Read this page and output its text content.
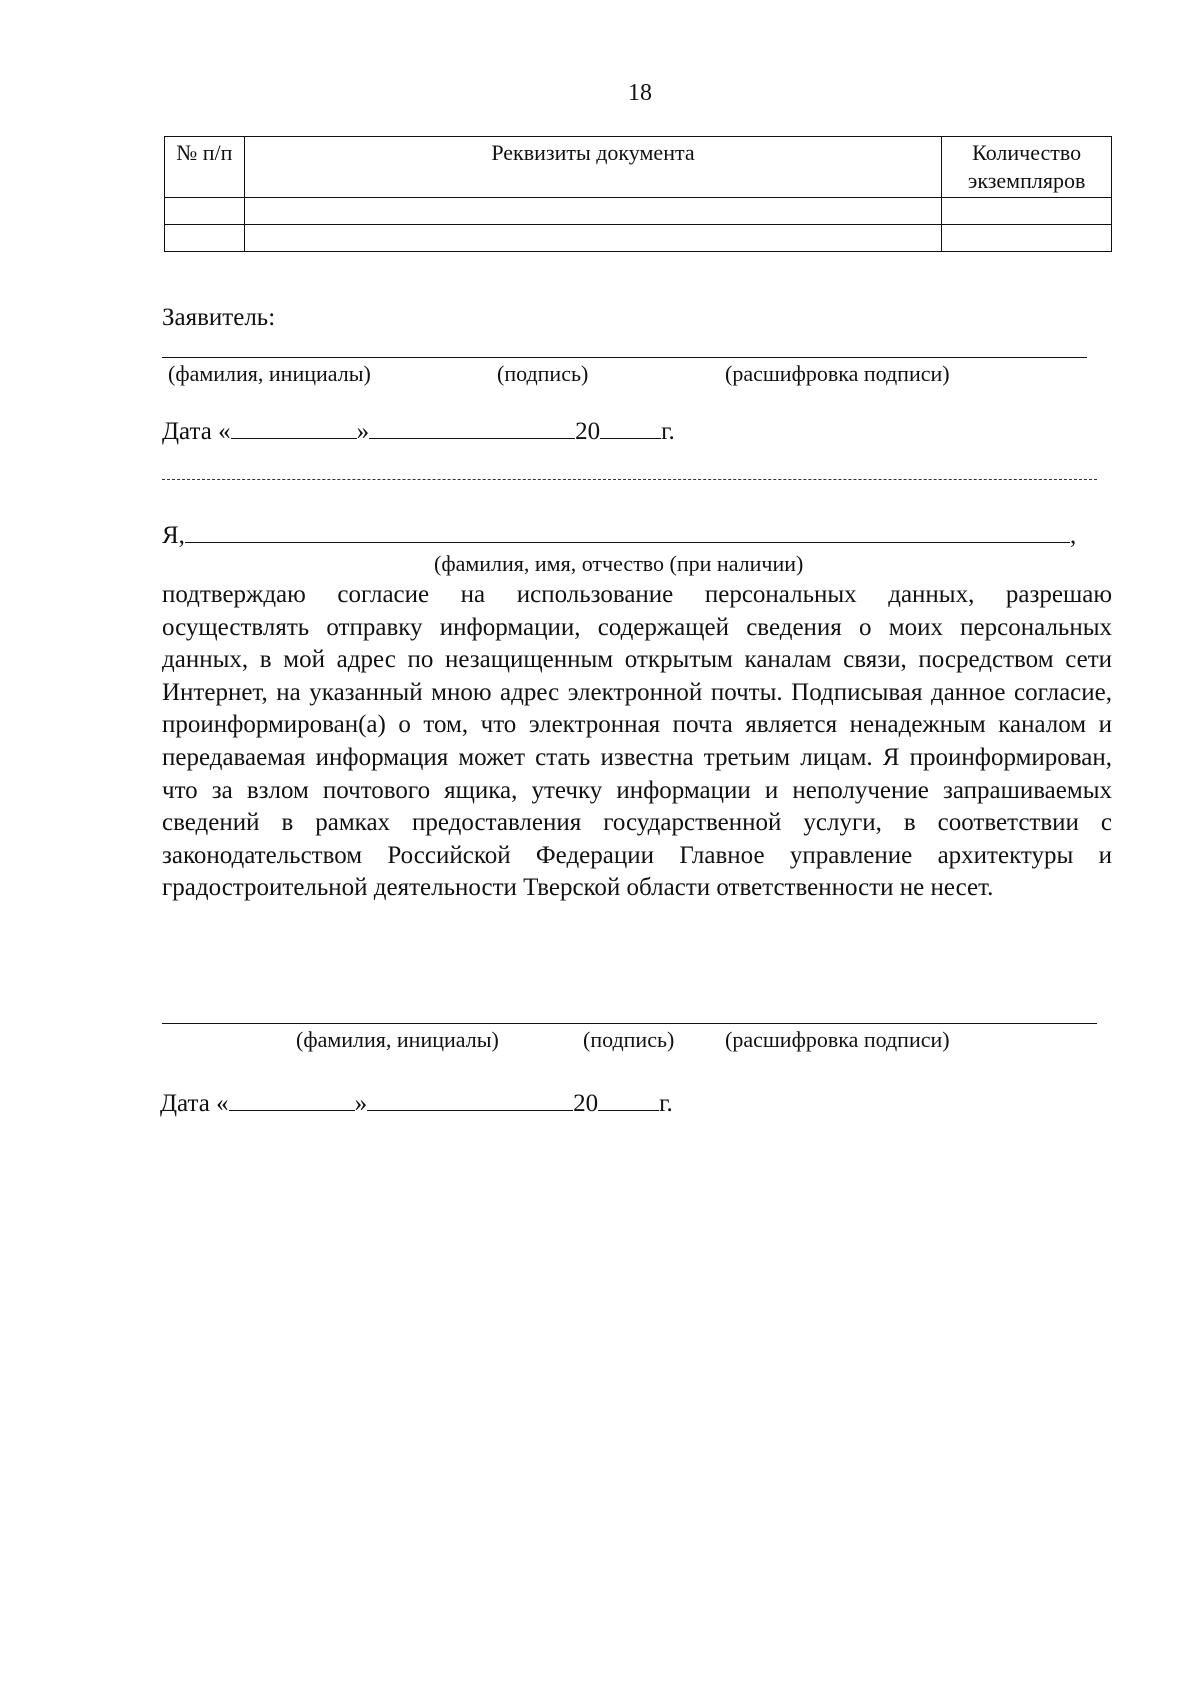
18
№ п/п	Реквизиты документа	Количество экземпляров

Заявитель:
(фамилия, инициалы)	(подпись)	(расшифровка подписи)
Дата «	»	20 г.
Я,	,
(фамилия, имя, отчество (при наличии)
подтверждаю согласие на использование персональных данных, разрешаю осуществлять отправку информации, содержащей сведения о моих персональных данных, в мой адрес по незащищенным открытым каналам связи, посредством сети Интернет, на указанный мною адрес электронной почты. Подписывая данное согласие, проинформирован(а) о том, что электронная почта является ненадежным каналом и передаваемая информация может стать известна третьим лицам. Я проинформирован, что за взлом почтового ящика, утечку информации и неполучение запрашиваемых сведений в рамках предоставления государственной услуги, в соответствии с законодательством Российской Федерации Главное управление архитектуры и градостроительной деятельности Тверской области ответственности не несет.
(фамилия, инициалы)	(подпись) (расшифровка подписи)
Дата «	»	20 г.
